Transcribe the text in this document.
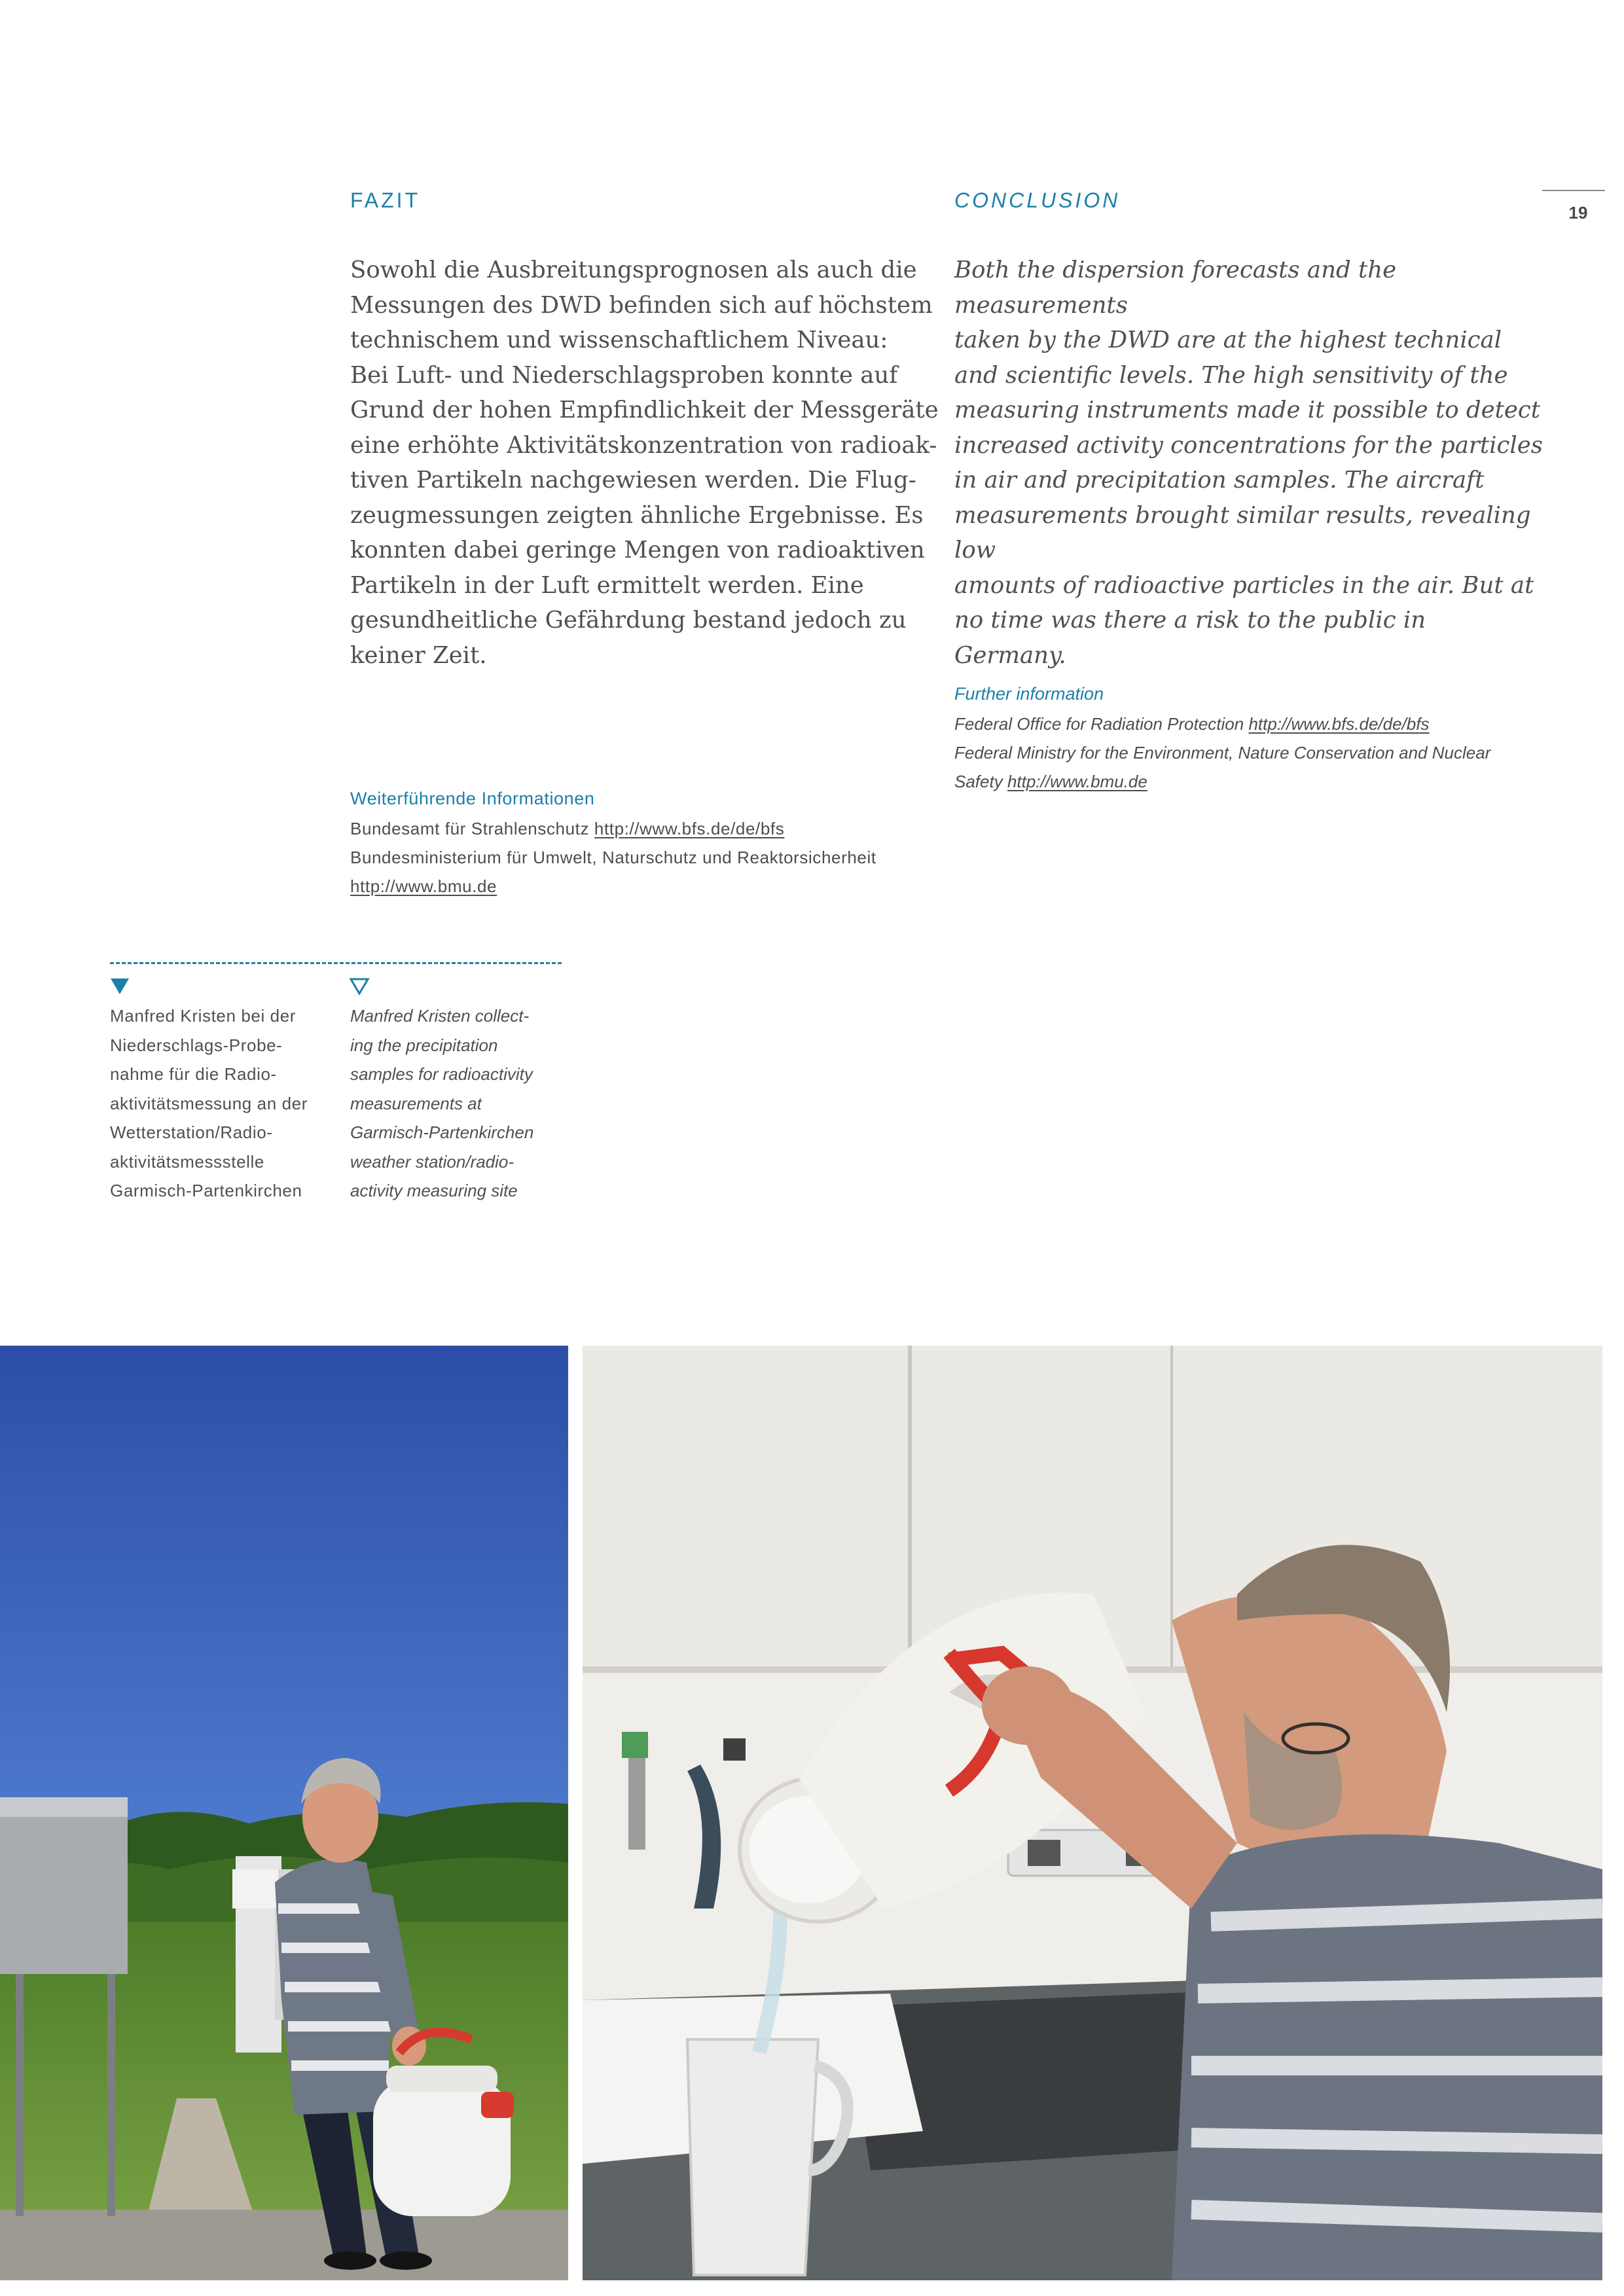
19
FAZIT
Sowohl die Ausbreitungsprognosen als auch die
Messungen des DWD befinden sich auf höchstem
technischem und wissenschaftlichem Niveau:
Bei Luft- und Niederschlagsproben konnte auf
Grund der hohen Empfindlichkeit der Messgeräte
eine erhöhte Aktivitätskonzentration von radioak-
tiven Partikeln nachgewiesen werden. Die Flug-
zeugmessungen zeigten ähnliche Ergebnisse. Es
konnten dabei geringe Mengen von radioaktiven
Partikeln in der Luft ermittelt werden. Eine
gesundheitliche Gefährdung bestand jedoch zu
keiner Zeit.
CONCLUSION
Both the dispersion forecasts and the measurements
taken by the DWD are at the highest technical
and scientific levels. The high sensitivity of the
measuring instruments made it possible to detect
increased activity concentrations for the particles
in air and precipitation samples. The aircraft
measurements brought similar results, revealing low
amounts of radioactive particles in the air. But at
no time was there a risk to the public in Germany.
Further information
Federal Office for Radiation Protection http://www.bfs.de/de/bfs
Federal Ministry for the Environment, Nature Conservation and Nuclear
Safety http://www.bmu.de
Weiterführende Informationen
Bundesamt für Strahlenschutz http://www.bfs.de/de/bfs
Bundesministerium für Umwelt, Naturschutz und Reaktorsicherheit
http://www.bmu.de
Manfred Kristen bei der
Niederschlags-Probe-
nahme für die Radio-
aktivitätsmessung an der
Wetterstation/Radio-
aktivitätsmessstelle
Garmisch-Partenkirchen
Manfred Kristen collect-
ing the precipitation
samples for radioactivity
measurements at
Garmisch-Partenkirchen
weather station/radio-
activity measuring site
